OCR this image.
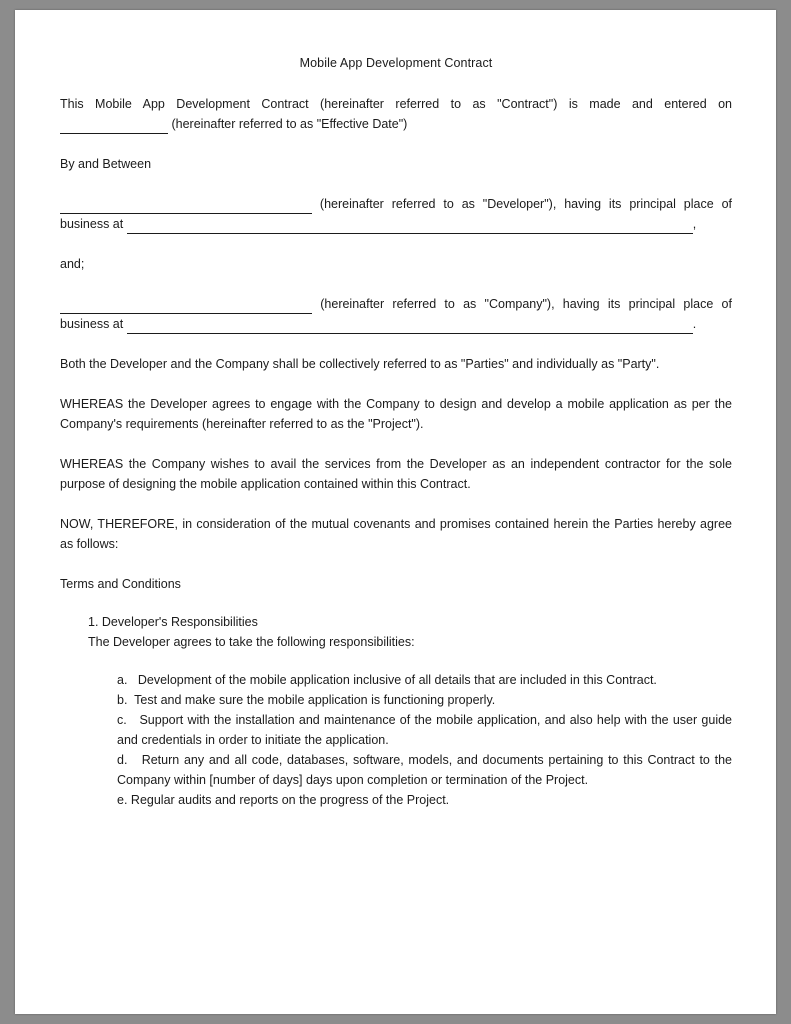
Mobile App Development Contract

This Mobile App Development Contract (hereinafter referred to as "Contract") is made and entered on  (hereinafter referred to as "Effective Date")

By and Between

(hereinafter referred to as "Developer"), having its principal place of business at	,

and;

(hereinafter referred to as "Company"), having its principal place of business at	.

Both the Developer and the Company shall be collectively referred to as "Parties" and individually as "Party".

WHEREAS the Developer agrees to engage with the Company to design and develop a mobile application as per the Company's requirements (hereinafter referred to as the "Project").

WHEREAS the Company wishes to avail the services from the Developer as an independent contractor for the sole purpose of designing the mobile application contained within this Contract.

NOW, THEREFORE, in consideration of the mutual covenants and promises contained herein the Parties hereby agree as follows:

Terms and Conditions

1. Developer's Responsibilities

The Developer agrees to take the following responsibilities:

a. Development of the mobile application inclusive of all details that are included in this Contract.

b. Test and make sure the mobile application is functioning properly.

c. Support with the installation and maintenance of the mobile application, and also help with the user guide and credentials in order to initiate the application.

d. Return any and all code, databases, software, models, and documents pertaining to this Contract to the Company within [number of days] days upon completion or termination of the Project.

e. Regular audits and reports on the progress of the Project.
